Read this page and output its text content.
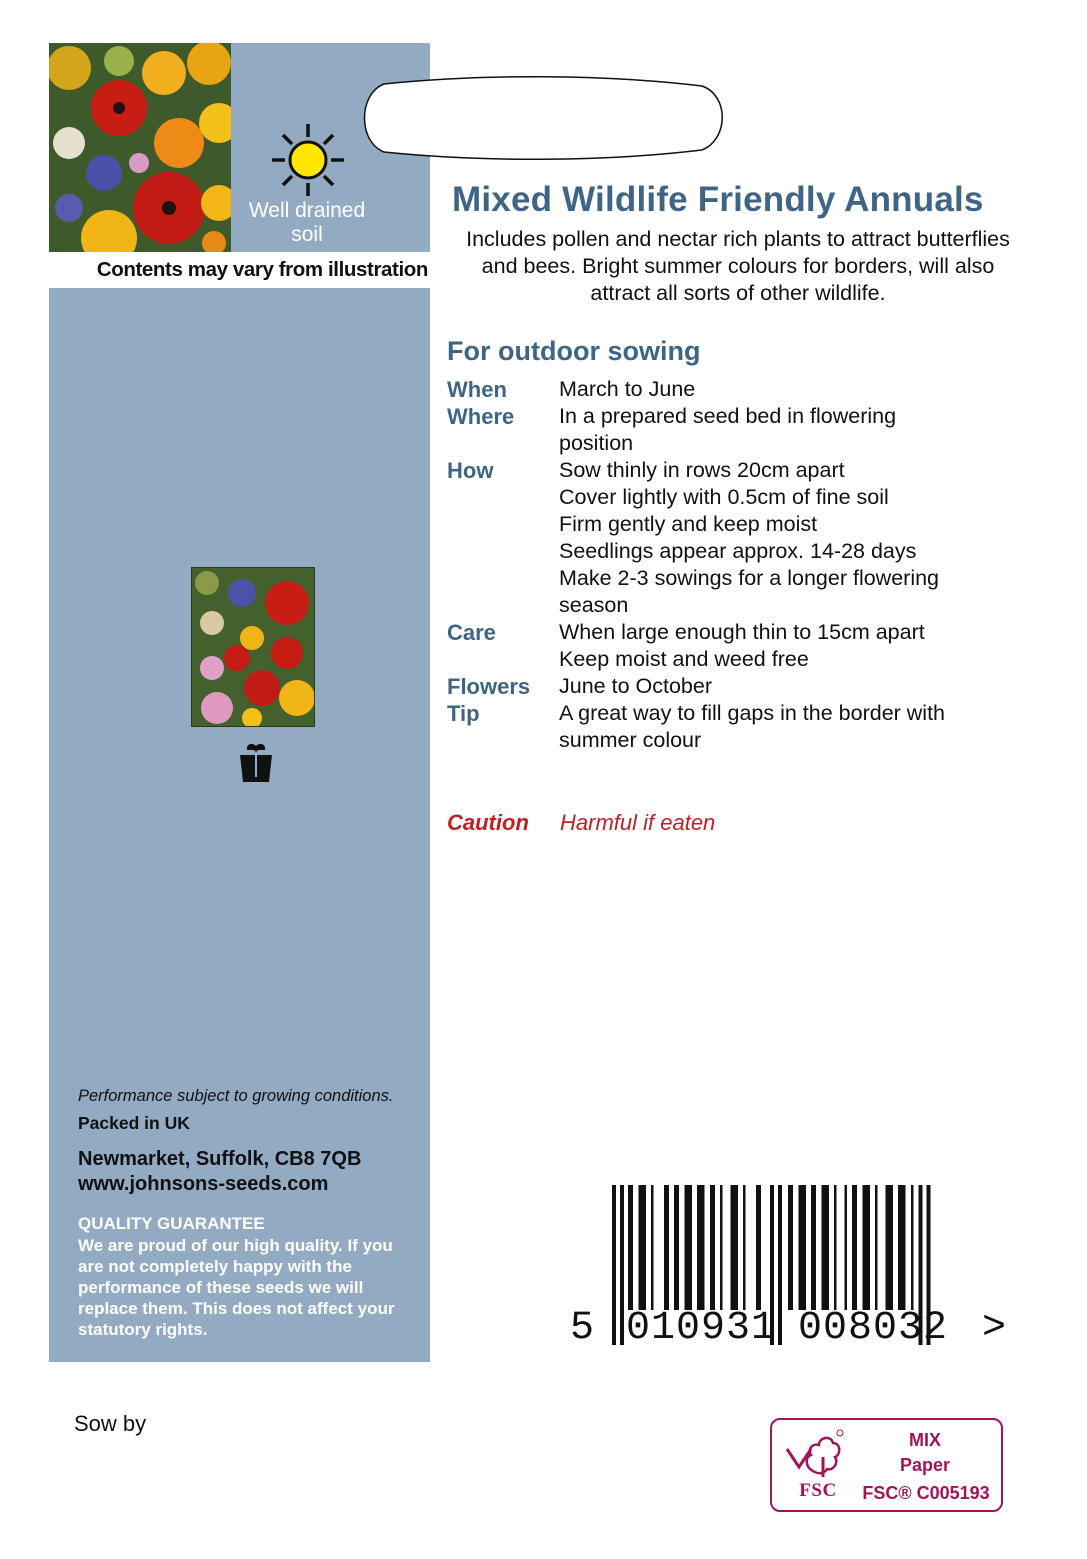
Well drained
soil
Contents may vary from illustration
Performance subject to growing conditions.
Packed in UK
Newmarket, Suffolk, CB8 7QB
www.johnsons-seeds.com
QUALITY GUARANTEE
We are proud of our high quality. If you are not completely happy with the performance of these seeds we will replace them. This does not affect your statutory rights.
Mixed Wildlife Friendly Annuals
Includes pollen and nectar rich plants to attract butterflies and bees. Bright summer colours for borders, will also attract all sorts of other wildlife.
For outdoor sowing
When	March to June
Where	In a prepared seed bed in flowering
position
How	Sow thinly in rows 20cm apart
Cover lightly with 0.5cm of fine soil
Firm gently and keep moist
Seedlings appear approx. 14-28 days
Make 2-3 sowings for a longer flowering
season
Care	When large enough thin to 15cm apart
Keep moist and weed free
Flowers	June to October
Tip	A great way to fill gaps in the border with
summer colour
Caution Harmful if eaten
5 010931 008032 >
Sow by
FSC
MIX
Paper
FSC® C005193
